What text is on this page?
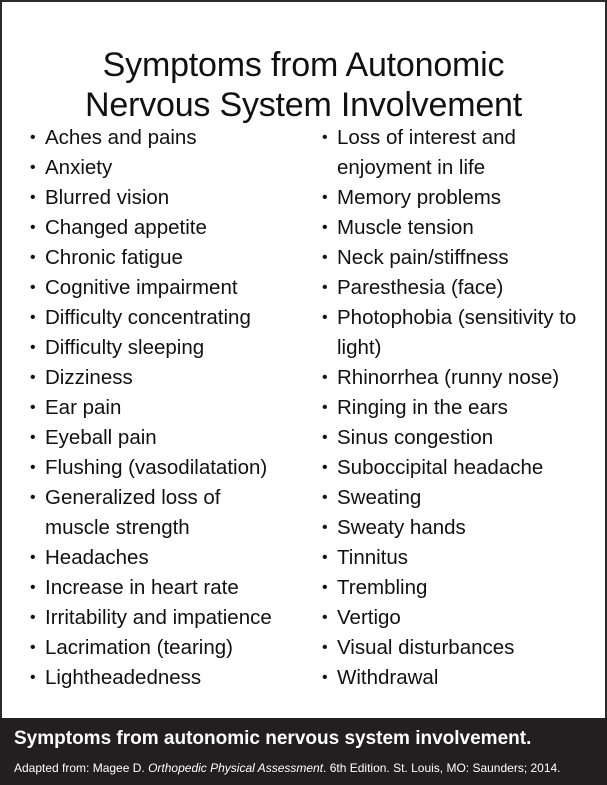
Symptoms from Autonomic
Nervous System Involvement
• Aches and pains
• Anxiety
• Blurred vision
• Changed appetite
• Chronic fatigue
• Cognitive impairment
• Difficulty concentrating
• Difficulty sleeping
• Dizziness
• Ear pain
• Eyeball pain
• Flushing (vasodilatation)
• Generalized loss of muscle strength
• Headaches
• Increase in heart rate
• Irritability and impatience
• Lacrimation (tearing)
• Lightheadedness
• Loss of interest and enjoyment in life
• Memory problems
• Muscle tension
• Neck pain/stiffness
• Paresthesia (face)
• Photophobia (sensitivity to light)
• Rhinorrhea (runny nose)
• Ringing in the ears
• Sinus congestion
• Suboccipital headache
• Sweating
• Sweaty hands
• Tinnitus
• Trembling
• Vertigo
• Visual disturbances
• Withdrawal
Symptoms from autonomic nervous system involvement.
Adapted from: Magee D. Orthopedic Physical Assessment. 6th Edition. St. Louis, MO: Saunders; 2014.
